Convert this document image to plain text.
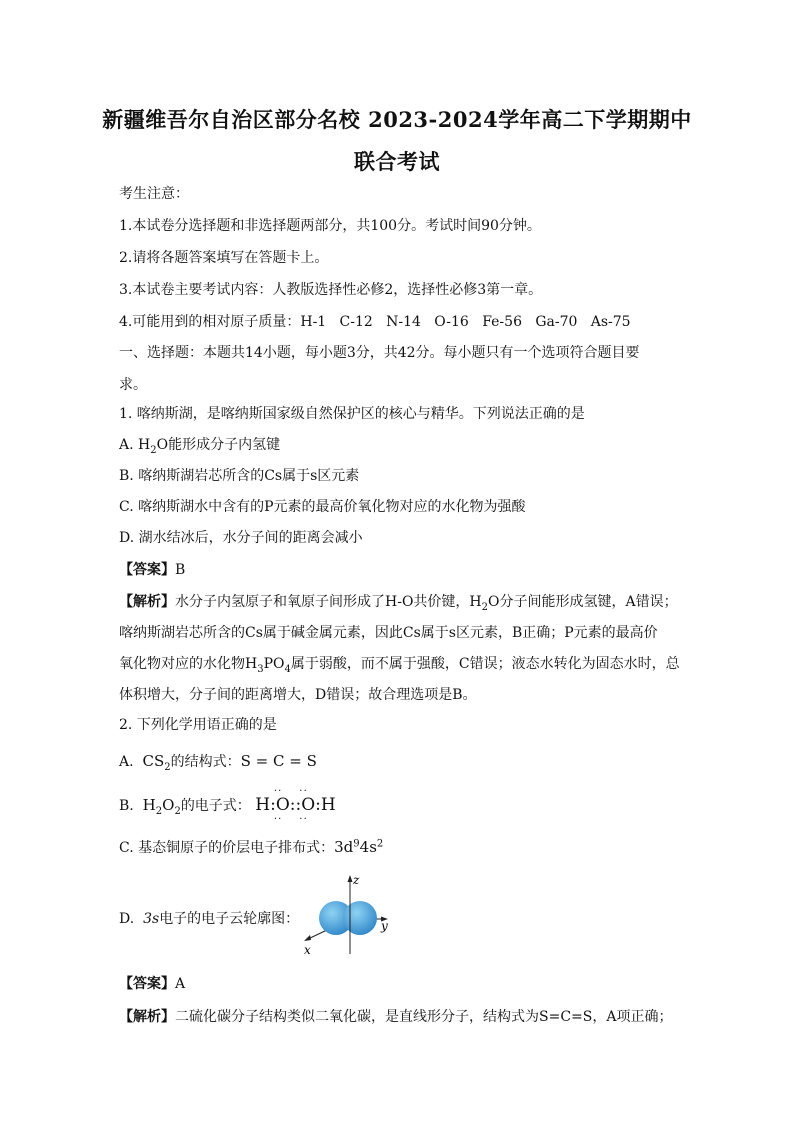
新疆维吾尔自治区部分名校 2023-2024学年高二下学期期中
联合考试
考生注意：
1.本试卷分选择题和非选择题两部分，共100分。考试时间90分钟。
2.请将各题答案填写在答题卡上。
3.本试卷主要考试内容：人教版选择性必修2，选择性必修3第一章。
4.可能用到的相对原子质量：H-1   C-12   N-14   O-16   Fe-56   Ga-70   As-75
一、选择题：本题共14小题，每小题3分，共42分。每小题只有一个选项符合题目要
求。
1. 喀纳斯湖，是喀纳斯国家级自然保护区的核心与精华。下列说法正确的是
A. $H_2O$能形成分子内氢键
B. 喀纳斯湖岩芯所含的Cs属于s区元素
C. 喀纳斯湖水中含有的P元素的最高价氧化物对应的水化物为强酸
D. 湖水结冰后，水分子间的距离会减小
【答案】B
【解析】水分子内氢原子和氧原子间形成了H-O共价键，$H_2O$分子间能形成氢键，A错误；
喀纳斯湖岩芯所含的Cs属于碱金属元素，因此Cs属于s区元素，B正确；P元素的最高价
氧化物对应的水化物$H_3PO_4$属于弱酸，而不属于强酸，C错误；液态水转化为固态水时，总
体积增大，分子间的距离增大，D错误；故合理选项是B。
2. 下列化学用语正确的是
A. $CS_2$的结构式：S = C = S
B. $H_2O_2$的电子式： H:· · O · ·::· · O · ·:H
C. 基态铜原子的价层电子排布式：$3d^94s^2$
D. 3s电子的电子云轮廓图：
z
y
x
【答案】A
【解析】二硫化碳分子结构类似二氧化碳，是直线形分子，结构式为S=C=S，A项正确；
